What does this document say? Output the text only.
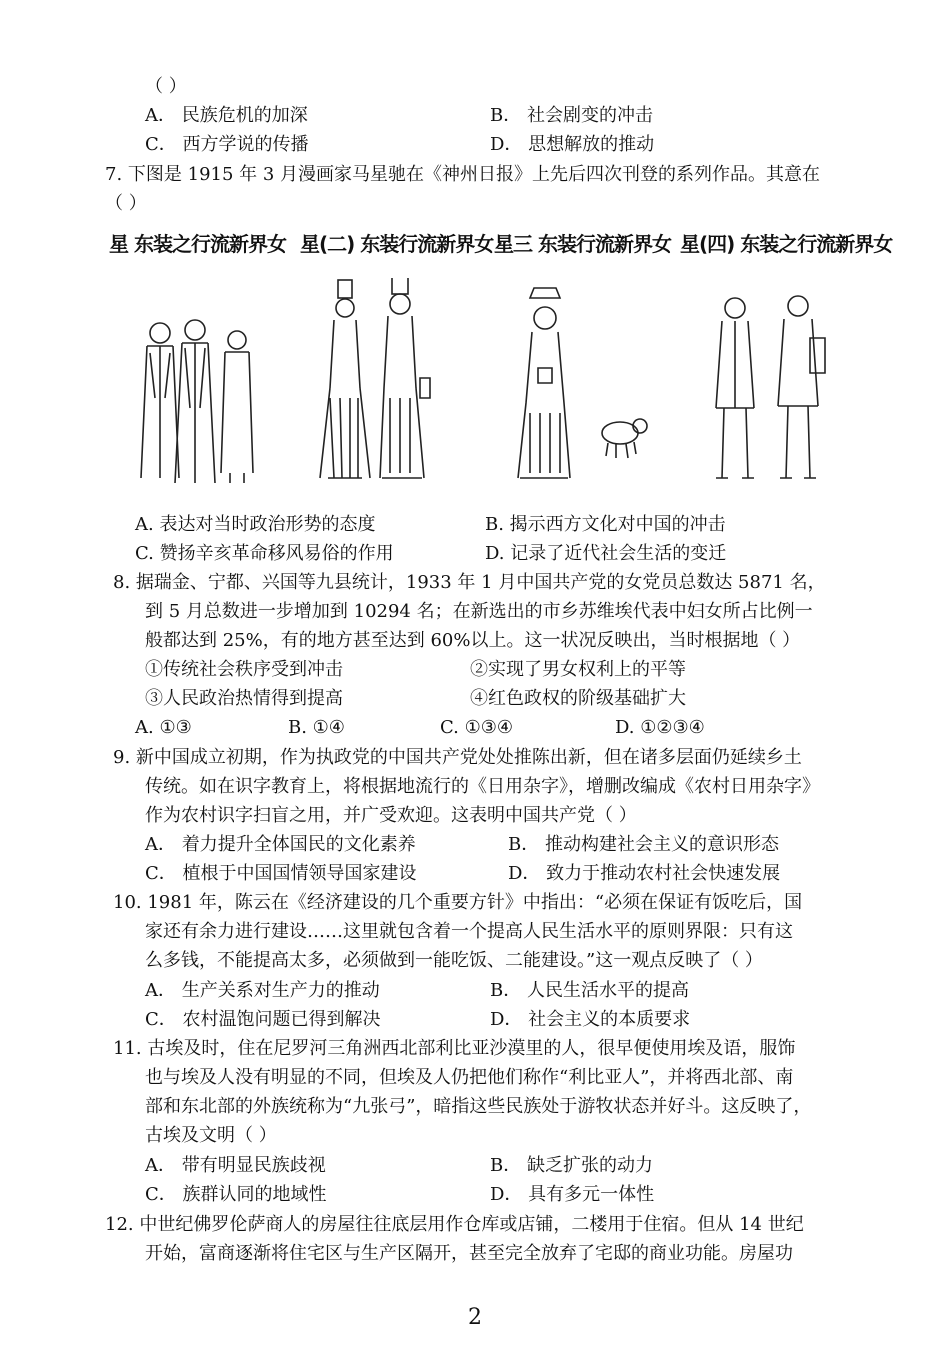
（ ）
A． 民族危机的加深	B． 社会剧变的冲击
C． 西方学说的传播	D． 思想解放的推动
7. 下图是 1915 年 3 月漫画家马星驰在《神州日报》上先后四次刊登的系列作品。其意在
（ ）
星 东装之行流新界女 星(二) 东装行流新界女 星三 东装行流新界女 星(四) 东装之行流新界女
A. 表达对当时政治形势的态度	B. 揭示西方文化对中国的冲击
C. 赞扬辛亥革命移风易俗的作用	D. 记录了近代社会生活的变迁
8. 据瑞金、宁都、兴国等九县统计，1933 年 1 月中国共产党的女党员总数达 5871 名，
到 5 月总数进一步增加到 10294 名；在新选出的市乡苏维埃代表中妇女所占比例一
般都达到 25%，有的地方甚至达到 60%以上。这一状况反映出，当时根据地（ ）
①传统社会秩序受到冲击	②实现了男女权利上的平等
③人民政治热情得到提高	④红色政权的阶级基础扩大
A. ①③	B. ①④	C. ①③④	D. ①②③④
9. 新中国成立初期，作为执政党的中国共产党处处推陈出新，但在诸多层面仍延续乡土
传统。如在识字教育上，将根据地流行的《日用杂字》，增删改编成《农村日用杂字》
作为农村识字扫盲之用，并广受欢迎。这表明中国共产党（ ）
A． 着力提升全体国民的文化素养	B． 推动构建社会主义的意识形态
C． 植根于中国国情领导国家建设	D． 致力于推动农村社会快速发展
10. 1981 年，陈云在《经济建设的几个重要方针》中指出：“必须在保证有饭吃后，国
家还有余力进行建设……这里就包含着一个提高人民生活水平的原则界限：只有这
么多钱，不能提高太多，必须做到一能吃饭、二能建设。”这一观点反映了（ ）
A． 生产关系对生产力的推动	B． 人民生活水平的提高
C． 农村温饱问题已得到解决	D． 社会主义的本质要求
11. 古埃及时，住在尼罗河三角洲西北部利比亚沙漠里的人，很早便使用埃及语，服饰
也与埃及人没有明显的不同，但埃及人仍把他们称作“利比亚人”，并将西北部、南
部和东北部的外族统称为“九张弓”，暗指这些民族处于游牧状态并好斗。这反映了，
古埃及文明（ ）
A． 带有明显民族歧视	B． 缺乏扩张的动力
C． 族群认同的地域性	D． 具有多元一体性
12. 中世纪佛罗伦萨商人的房屋往往底层用作仓库或店铺，二楼用于住宿。但从 14 世纪
开始，富商逐渐将住宅区与生产区隔开，甚至完全放弃了宅邸的商业功能。房屋功
2
